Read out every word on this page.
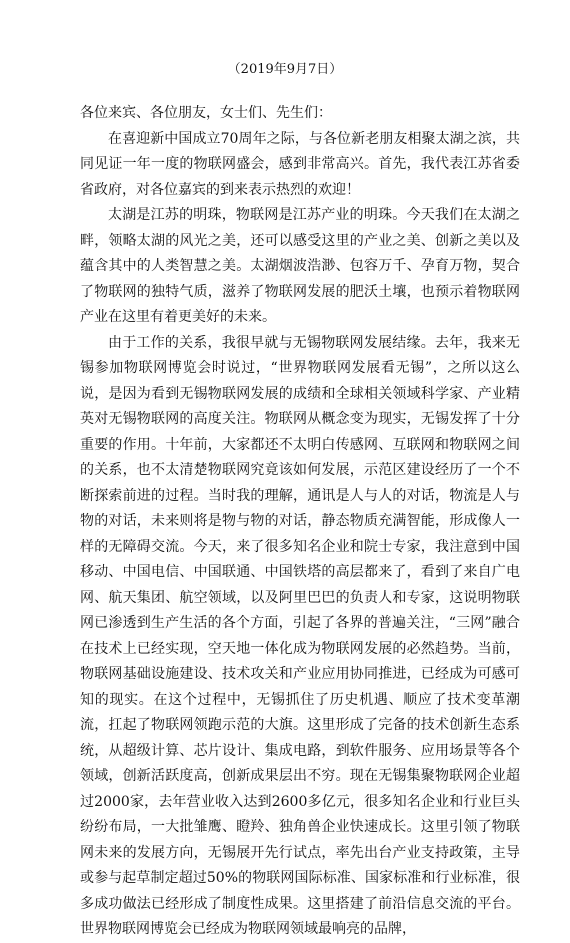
（2019年9月7日）

各位来宾、各位朋友，女士们、先生们：

在喜迎新中国成立70周年之际，与各位新老朋友相聚太湖之滨，共同见证一年一度的物联网盛会，感到非常高兴。首先，我代表江苏省委省政府，对各位嘉宾的到来表示热烈的欢迎！

太湖是江苏的明珠，物联网是江苏产业的明珠。今天我们在太湖之畔，领略太湖的风光之美，还可以感受这里的产业之美、创新之美以及蕴含其中的人类智慧之美。太湖烟波浩渺、包容万千、孕育万物，契合了物联网的独特气质，滋养了物联网发展的肥沃土壤，也预示着物联网产业在这里有着更美好的未来。

由于工作的关系，我很早就与无锡物联网发展结缘。去年，我来无锡参加物联网博览会时说过，“世界物联网发展看无锡”，之所以这么说，是因为看到无锡物联网发展的成绩和全球相关领域科学家、产业精英对无锡物联网的高度关注。物联网从概念变为现实，无锡发挥了十分重要的作用。十年前，大家都还不太明白传感网、互联网和物联网之间的关系，也不太清楚物联网究竟该如何发展，示范区建设经历了一个不断探索前进的过程。当时我的理解，通讯是人与人的对话，物流是人与物的对话，未来则将是物与物的对话，静态物质充满智能，形成像人一样的无障碍交流。今天，来了很多知名企业和院士专家，我注意到中国移动、中国电信、中国联通、中国铁塔的高层都来了，看到了来自广电网、航天集团、航空领域，以及阿里巴巴的负责人和专家，这说明物联网已渗透到生产生活的各个方面，引起了各界的普遍关注，“三网”融合在技术上已经实现，空天地一体化成为物联网发展的必然趋势。当前，物联网基础设施建设、技术攻关和产业应用协同推进，已经成为可感可知的现实。在这个过程中，无锡抓住了历史机遇、顺应了技术变革潮流，扛起了物联网领跑示范的大旗。这里形成了完备的技术创新生态系统，从超级计算、芯片设计、集成电路，到软件服务、应用场景等各个领域，创新活跃度高，创新成果层出不穷。现在无锡集聚物联网企业超过2000家，去年营业收入达到2600多亿元，很多知名企业和行业巨头纷纷布局，一大批雏鹰、瞪羚、独角兽企业快速成长。这里引领了物联网未来的发展方向，无锡展开先行试点，率先出台产业支持政策，主导或参与起草制定超过50%的物联网国际标准、国家标准和行业标准，很多成功做法已经形成了制度性成果。这里搭建了前沿信息交流的平台。世界物联网博览会已经成为物联网领域最响亮的品牌，
